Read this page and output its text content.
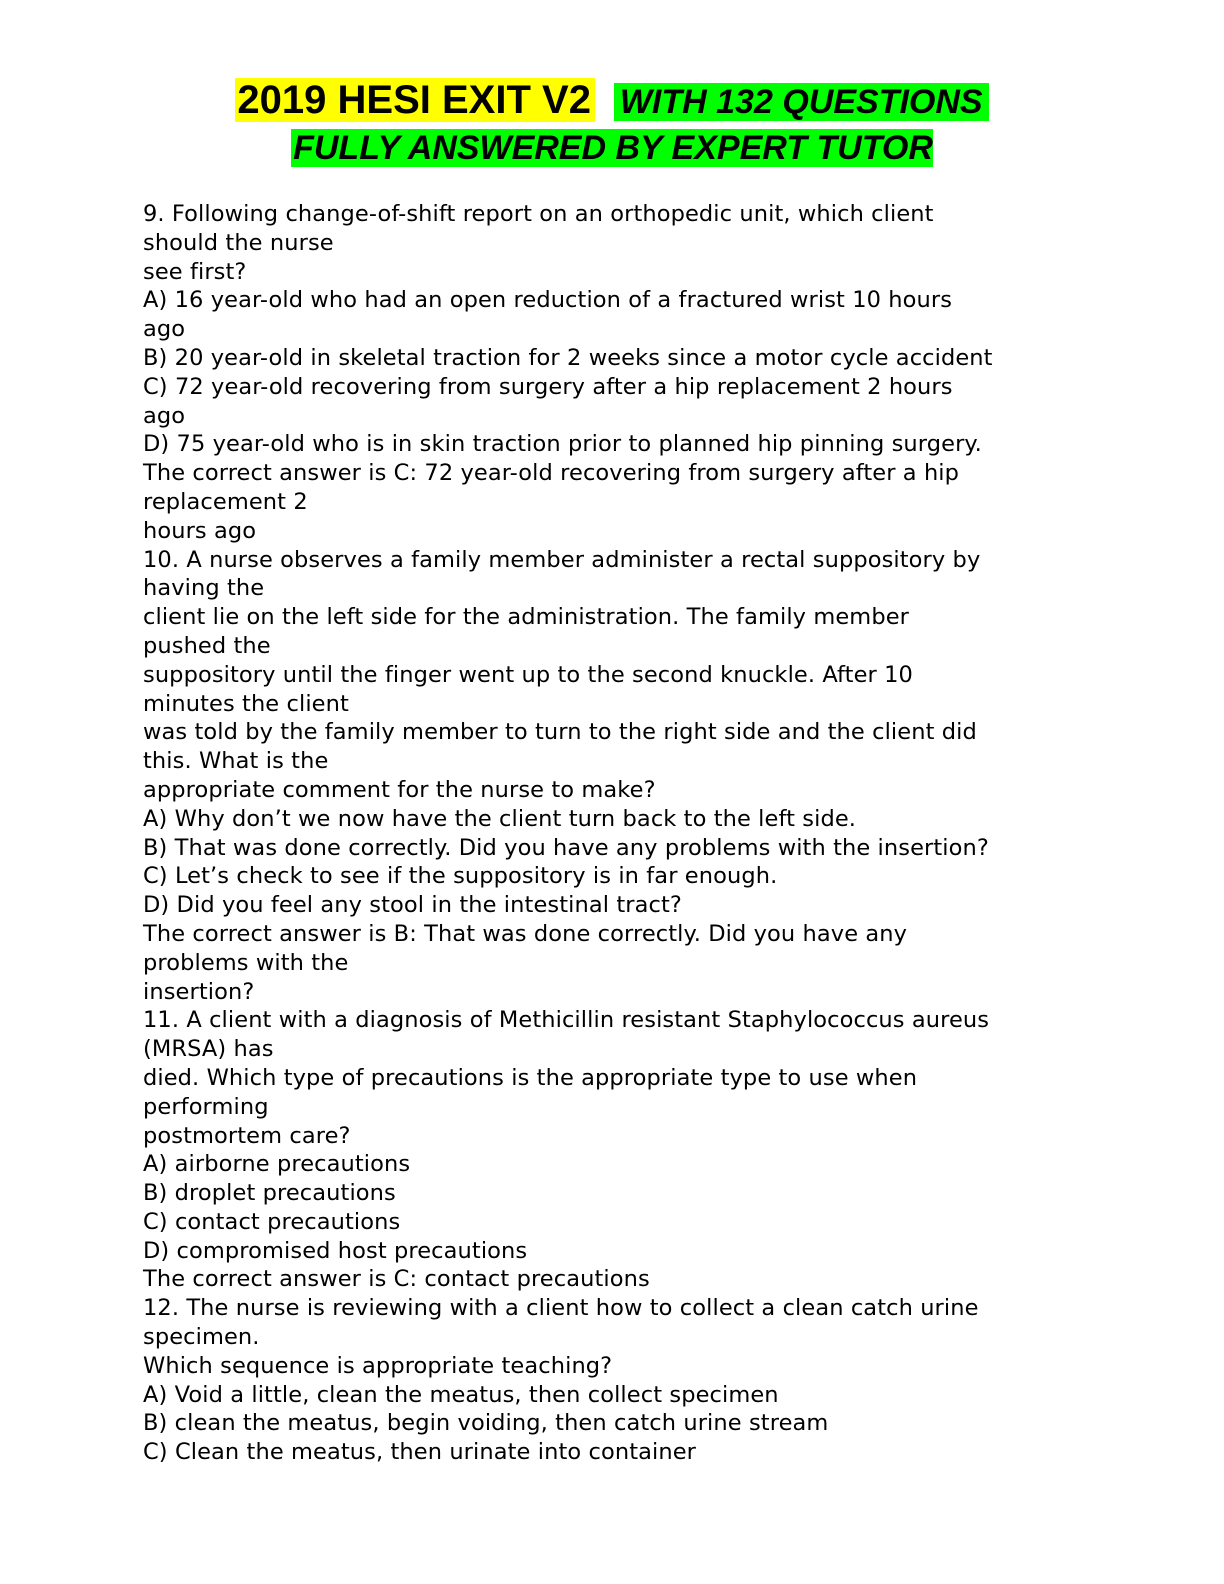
2019 HESI EXIT V2 WITH 132 QUESTIONS
FULLY ANSWERED BY EXPERT TUTOR
9. Following change-of-shift report on an orthopedic unit, which client
should the nurse
see first?
A) 16 year-old who had an open reduction of a fractured wrist 10 hours
ago
B) 20 year-old in skeletal traction for 2 weeks since a motor cycle accident
C) 72 year-old recovering from surgery after a hip replacement 2 hours
ago
D) 75 year-old who is in skin traction prior to planned hip pinning surgery.
The correct answer is C: 72 year-old recovering from surgery after a hip
replacement 2
hours ago
10. A nurse observes a family member administer a rectal suppository by
having the
client lie on the left side for the administration. The family member
pushed the
suppository until the finger went up to the second knuckle. After 10
minutes the client
was told by the family member to turn to the right side and the client did
this. What is the
appropriate comment for the nurse to make?
A) Why don’t we now have the client turn back to the left side.
B) That was done correctly. Did you have any problems with the insertion?
C) Let’s check to see if the suppository is in far enough.
D) Did you feel any stool in the intestinal tract?
The correct answer is B: That was done correctly. Did you have any
problems with the
insertion?
11. A client with a diagnosis of Methicillin resistant Staphylococcus aureus
(MRSA) has
died. Which type of precautions is the appropriate type to use when
performing
postmortem care?
A) airborne precautions
B) droplet precautions
C) contact precautions
D) compromised host precautions
The correct answer is C: contact precautions
12. The nurse is reviewing with a client how to collect a clean catch urine
specimen.
Which sequence is appropriate teaching?
A) Void a little, clean the meatus, then collect specimen
B) clean the meatus, begin voiding, then catch urine stream
C) Clean the meatus, then urinate into container
